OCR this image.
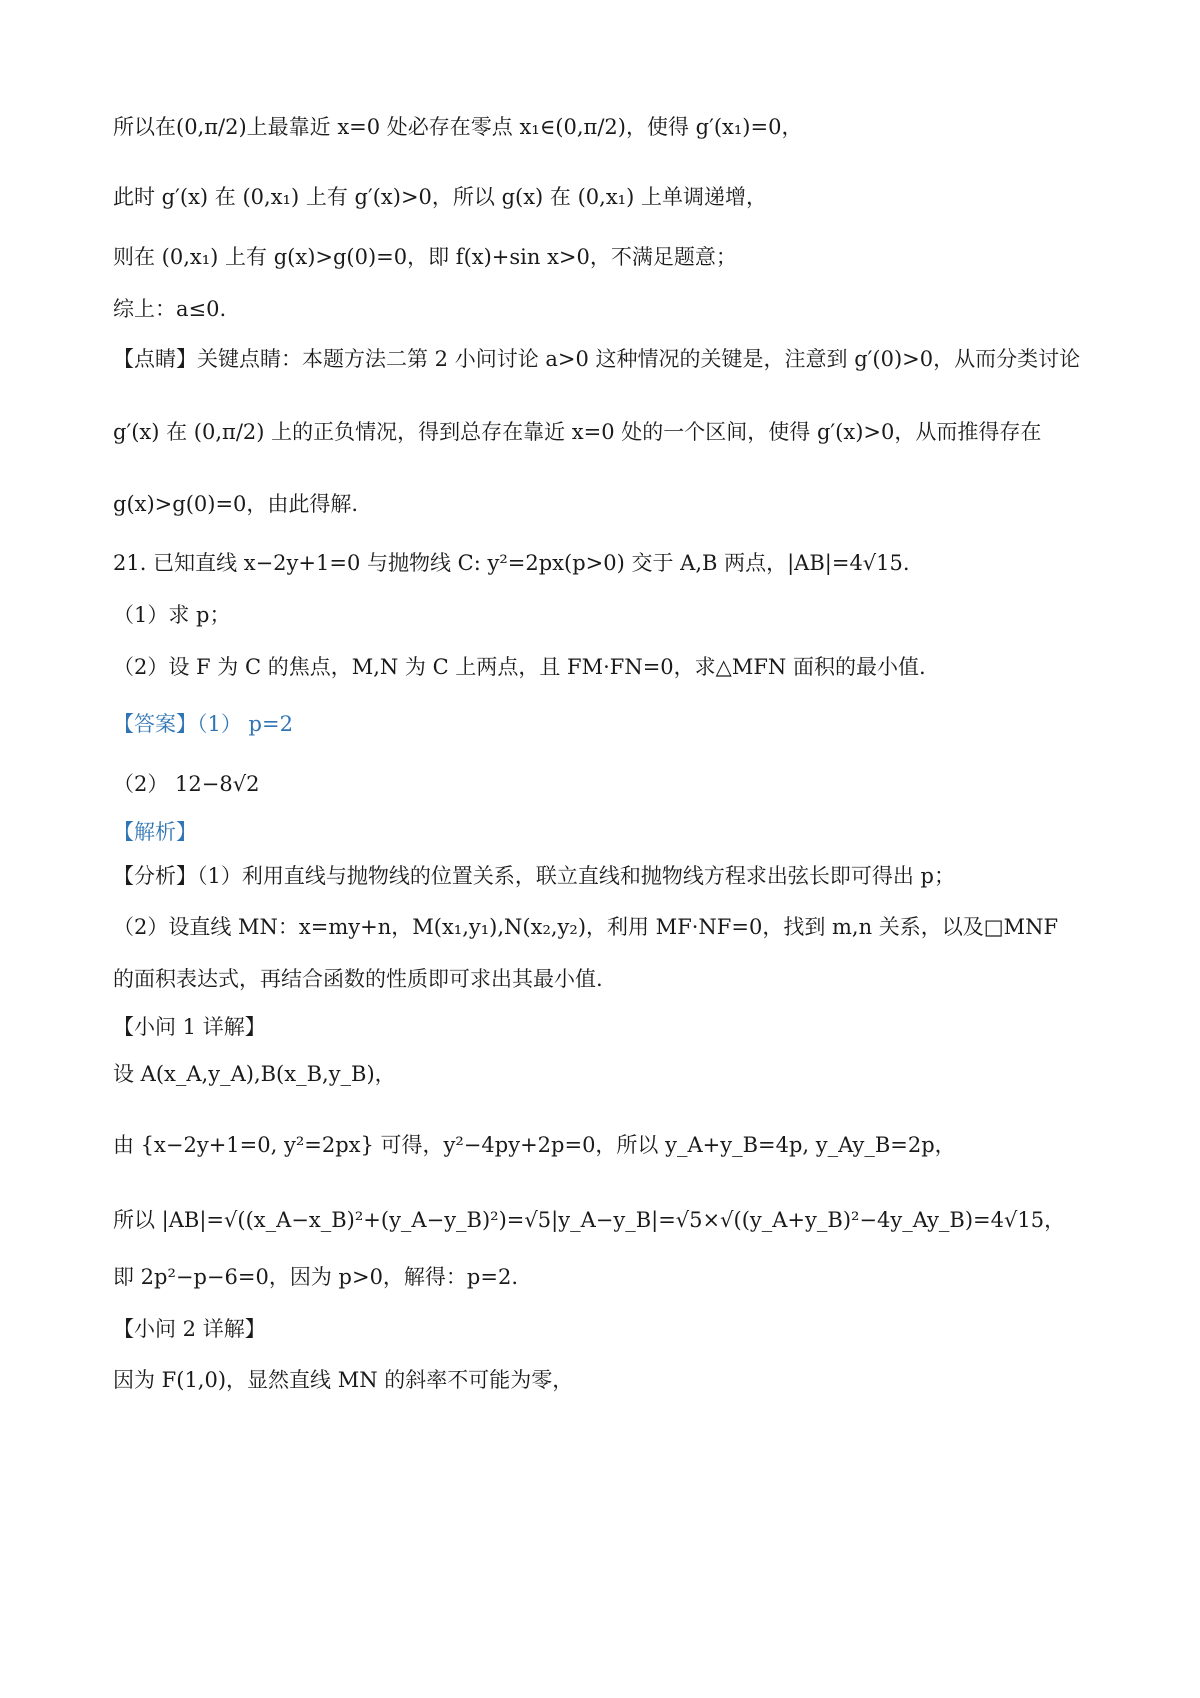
所以在(0,π/2)上最靠近 x=0 处必存在零点 x₁∈(0,π/2)，使得 g′(x₁)=0，
此时 g′(x) 在 (0,x₁) 上有 g′(x)>0，所以 g(x) 在 (0,x₁) 上单调递增，
则在 (0,x₁) 上有 g(x)>g(0)=0，即 f(x)+sin x>0，不满足题意；
综上：a≤0.
【点睛】关键点睛：本题方法二第 2 小问讨论 a>0 这种情况的关键是，注意到 g′(0)>0，从而分类讨论
g′(x) 在 (0,π/2) 上的正负情况，得到总存在靠近 x=0 处的一个区间，使得 g′(x)>0，从而推得存在
g(x)>g(0)=0，由此得解.
21. 已知直线 x−2y+1=0 与抛物线 C: y²=2px(p>0) 交于 A,B 两点，|AB|=4√15.
（1）求 p；
（2）设 F 为 C 的焦点，M,N 为 C 上两点，且 FM·FN=0，求△MFN 面积的最小值.
【答案】（1） p=2
（2） 12−8√2
【解析】
【分析】（1）利用直线与抛物线的位置关系，联立直线和抛物线方程求出弦长即可得出 p；
（2）设直线 MN：x=my+n，M(x₁,y₁),N(x₂,y₂)，利用 MF·NF=0，找到 m,n 关系，以及□MNF
的面积表达式，再结合函数的性质即可求出其最小值.
【小问 1 详解】
设 A(x_A,y_A),B(x_B,y_B)，
由 {x−2y+1=0, y²=2px} 可得，y²−4py+2p=0，所以 y_A+y_B=4p, y_Ay_B=2p，
所以 |AB|=√((x_A−x_B)²+(y_A−y_B)²)=√5|y_A−y_B|=√5×√((y_A+y_B)²−4y_Ay_B)=4√15，
即 2p²−p−6=0，因为 p>0，解得：p=2.
【小问 2 详解】
因为 F(1,0)，显然直线 MN 的斜率不可能为零，
